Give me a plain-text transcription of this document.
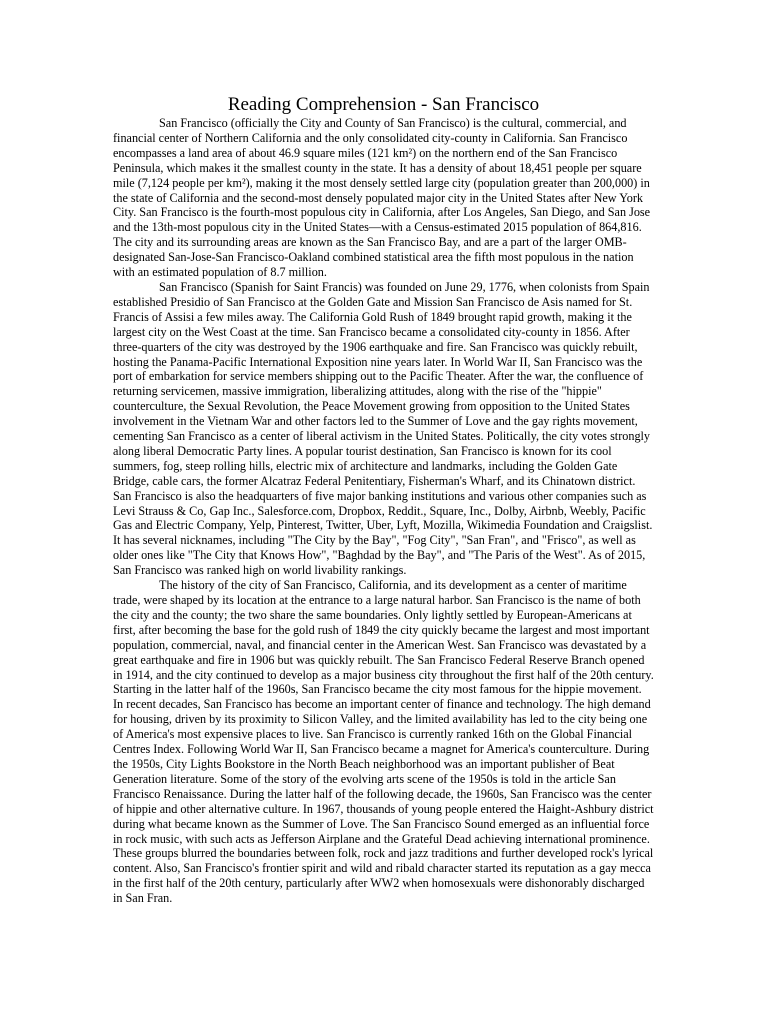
Reading Comprehension - San Francisco

San Francisco (officially the City and County of San Francisco) is the cultural, commercial, and financial center of Northern California and the only consolidated city-county in California. San Francisco encompasses a land area of about 46.9 square miles (121 km²) on the northern end of the San Francisco Peninsula, which makes it the smallest county in the state. It has a density of about 18,451 people per square mile (7,124 people per km²), making it the most densely settled large city (population greater than 200,000) in the state of California and the second-most densely populated major city in the United States after New York City. San Francisco is the fourth-most populous city in California, after Los Angeles, San Diego, and San Jose and the 13th-most populous city in the United States—with a Census-estimated 2015 population of 864,816. The city and its surrounding areas are known as the San Francisco Bay, and are a part of the larger OMB-designated San-Jose-San Francisco-Oakland combined statistical area the fifth most populous in the nation with an estimated population of 8.7 million.

San Francisco (Spanish for Saint Francis) was founded on June 29, 1776, when colonists from Spain established Presidio of San Francisco at the Golden Gate and Mission San Francisco de Asis named for St. Francis of Assisi a few miles away. The California Gold Rush of 1849 brought rapid growth, making it the largest city on the West Coast at the time. San Francisco became a consolidated city-county in 1856. After three-quarters of the city was destroyed by the 1906 earthquake and fire. San Francisco was quickly rebuilt, hosting the Panama-Pacific International Exposition nine years later. In World War II, San Francisco was the port of embarkation for service members shipping out to the Pacific Theater. After the war, the confluence of returning servicemen, massive immigration, liberalizing attitudes, along with the rise of the "hippie" counterculture, the Sexual Revolution, the Peace Movement growing from opposition to the United States involvement in the Vietnam War and other factors led to the Summer of Love and the gay rights movement, cementing San Francisco as a center of liberal activism in the United States. Politically, the city votes strongly along liberal Democratic Party lines. A popular tourist destination, San Francisco is known for its cool summers, fog, steep rolling hills, electric mix of architecture and landmarks, including the Golden Gate Bridge, cable cars, the former Alcatraz Federal Penitentiary, Fisherman's Wharf, and its Chinatown district. San Francisco is also the headquarters of five major banking institutions and various other companies such as Levi Strauss & Co, Gap Inc., Salesforce.com, Dropbox, Reddit., Square, Inc., Dolby, Airbnb, Weebly, Pacific Gas and Electric Company, Yelp, Pinterest, Twitter, Uber, Lyft, Mozilla, Wikimedia Foundation and Craigslist. It has several nicknames, including "The City by the Bay", "Fog City", "San Fran", and "Frisco", as well as older ones like "The City that Knows How", "Baghdad by the Bay", and "The Paris of the West". As of 2015, San Francisco was ranked high on world livability rankings.

The history of the city of San Francisco, California, and its development as a center of maritime trade, were shaped by its location at the entrance to a large natural harbor. San Francisco is the name of both the city and the county; the two share the same boundaries. Only lightly settled by European-Americans at first, after becoming the base for the gold rush of 1849 the city quickly became the largest and most important population, commercial, naval, and financial center in the American West. San Francisco was devastated by a great earthquake and fire in 1906 but was quickly rebuilt. The San Francisco Federal Reserve Branch opened in 1914, and the city continued to develop as a major business city throughout the first half of the 20th century. Starting in the latter half of the 1960s, San Francisco became the city most famous for the hippie movement. In recent decades, San Francisco has become an important center of finance and technology. The high demand for housing, driven by its proximity to Silicon Valley, and the limited availability has led to the city being one of America's most expensive places to live. San Francisco is currently ranked 16th on the Global Financial Centres Index. Following World War II, San Francisco became a magnet for America's counterculture. During the 1950s, City Lights Bookstore in the North Beach neighborhood was an important publisher of Beat Generation literature. Some of the story of the evolving arts scene of the 1950s is told in the article San Francisco Renaissance. During the latter half of the following decade, the 1960s, San Francisco was the center of hippie and other alternative culture. In 1967, thousands of young people entered the Haight-Ashbury district during what became known as the Summer of Love. The San Francisco Sound emerged as an influential force in rock music, with such acts as Jefferson Airplane and the Grateful Dead achieving international prominence. These groups blurred the boundaries between folk, rock and jazz traditions and further developed rock's lyrical content. Also, San Francisco's frontier spirit and wild and ribald character started its reputation as a gay mecca in the first half of the 20th century, particularly after WW2 when homosexuals were dishonorably discharged in San Fran.
